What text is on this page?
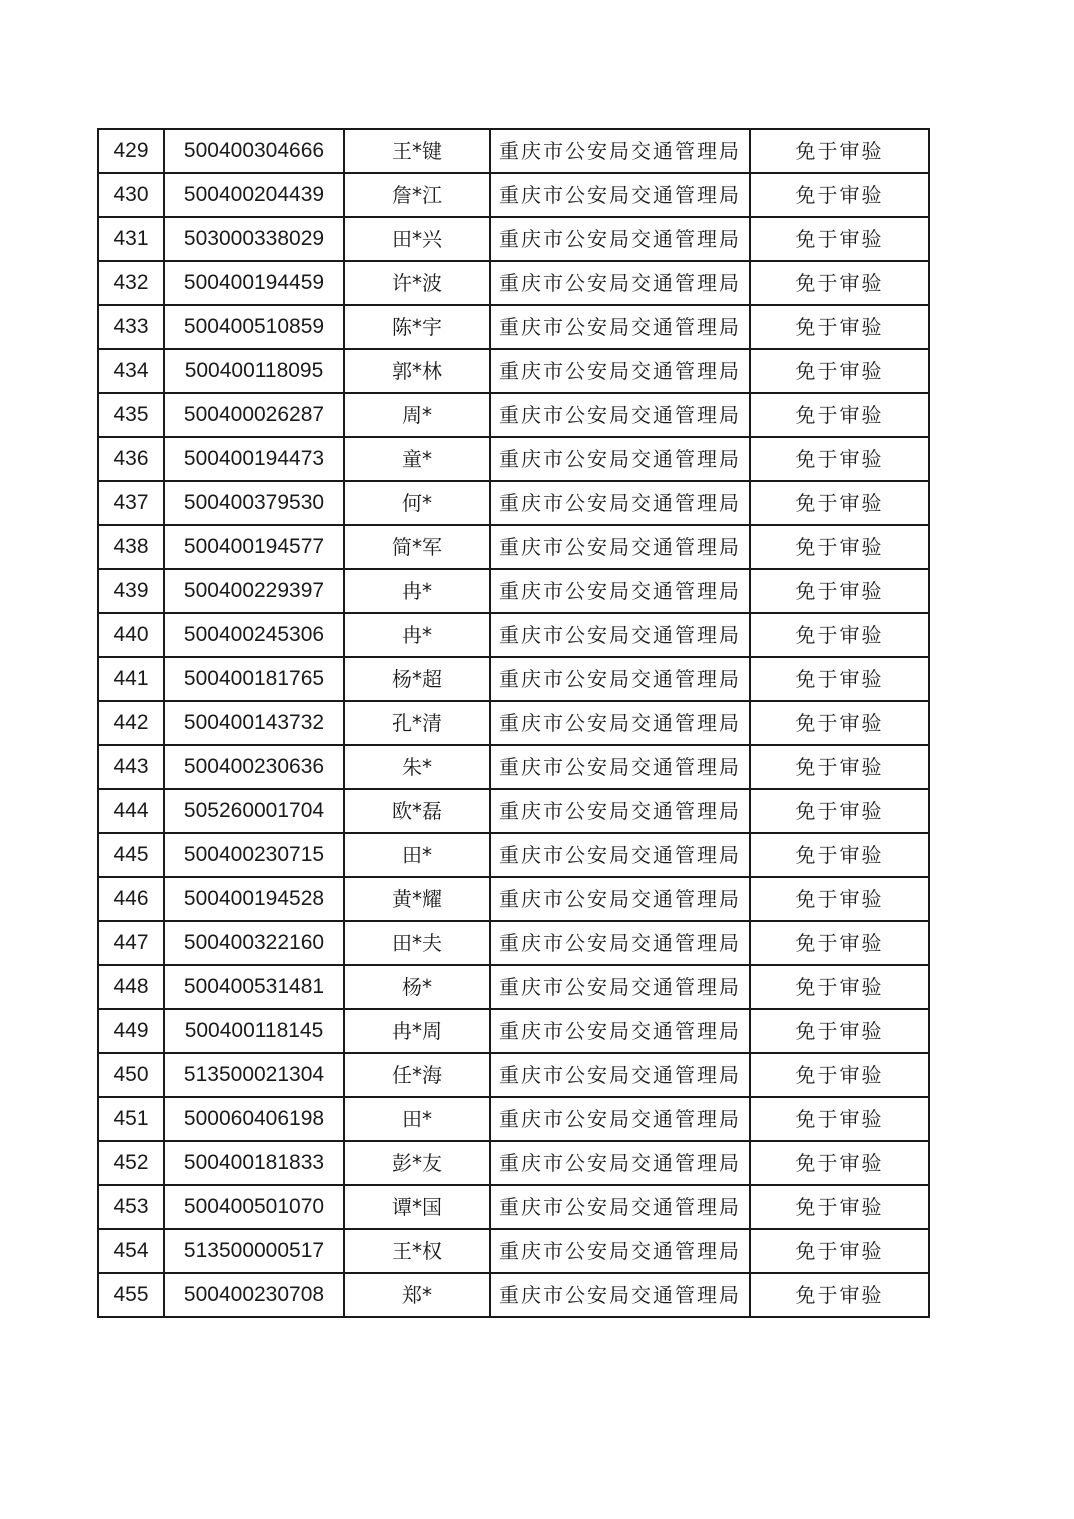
429	500400304666	王*键	重庆市公安局交通管理局	免于审验
430	500400204439	詹*江	重庆市公安局交通管理局	免于审验
431	503000338029	田*兴	重庆市公安局交通管理局	免于审验
432	500400194459	许*波	重庆市公安局交通管理局	免于审验
433	500400510859	陈*宇	重庆市公安局交通管理局	免于审验
434	500400118095	郭*林	重庆市公安局交通管理局	免于审验
435	500400026287	周*	重庆市公安局交通管理局	免于审验
436	500400194473	童*	重庆市公安局交通管理局	免于审验
437	500400379530	何*	重庆市公安局交通管理局	免于审验
438	500400194577	简*军	重庆市公安局交通管理局	免于审验
439	500400229397	冉*	重庆市公安局交通管理局	免于审验
440	500400245306	冉*	重庆市公安局交通管理局	免于审验
441	500400181765	杨*超	重庆市公安局交通管理局	免于审验
442	500400143732	孔*清	重庆市公安局交通管理局	免于审验
443	500400230636	朱*	重庆市公安局交通管理局	免于审验
444	505260001704	欧*磊	重庆市公安局交通管理局	免于审验
445	500400230715	田*	重庆市公安局交通管理局	免于审验
446	500400194528	黄*耀	重庆市公安局交通管理局	免于审验
447	500400322160	田*夫	重庆市公安局交通管理局	免于审验
448	500400531481	杨*	重庆市公安局交通管理局	免于审验
449	500400118145	冉*周	重庆市公安局交通管理局	免于审验
450	513500021304	任*海	重庆市公安局交通管理局	免于审验
451	500060406198	田*	重庆市公安局交通管理局	免于审验
452	500400181833	彭*友	重庆市公安局交通管理局	免于审验
453	500400501070	谭*国	重庆市公安局交通管理局	免于审验
454	513500000517	王*权	重庆市公安局交通管理局	免于审验
455	500400230708	郑*	重庆市公安局交通管理局	免于审验
